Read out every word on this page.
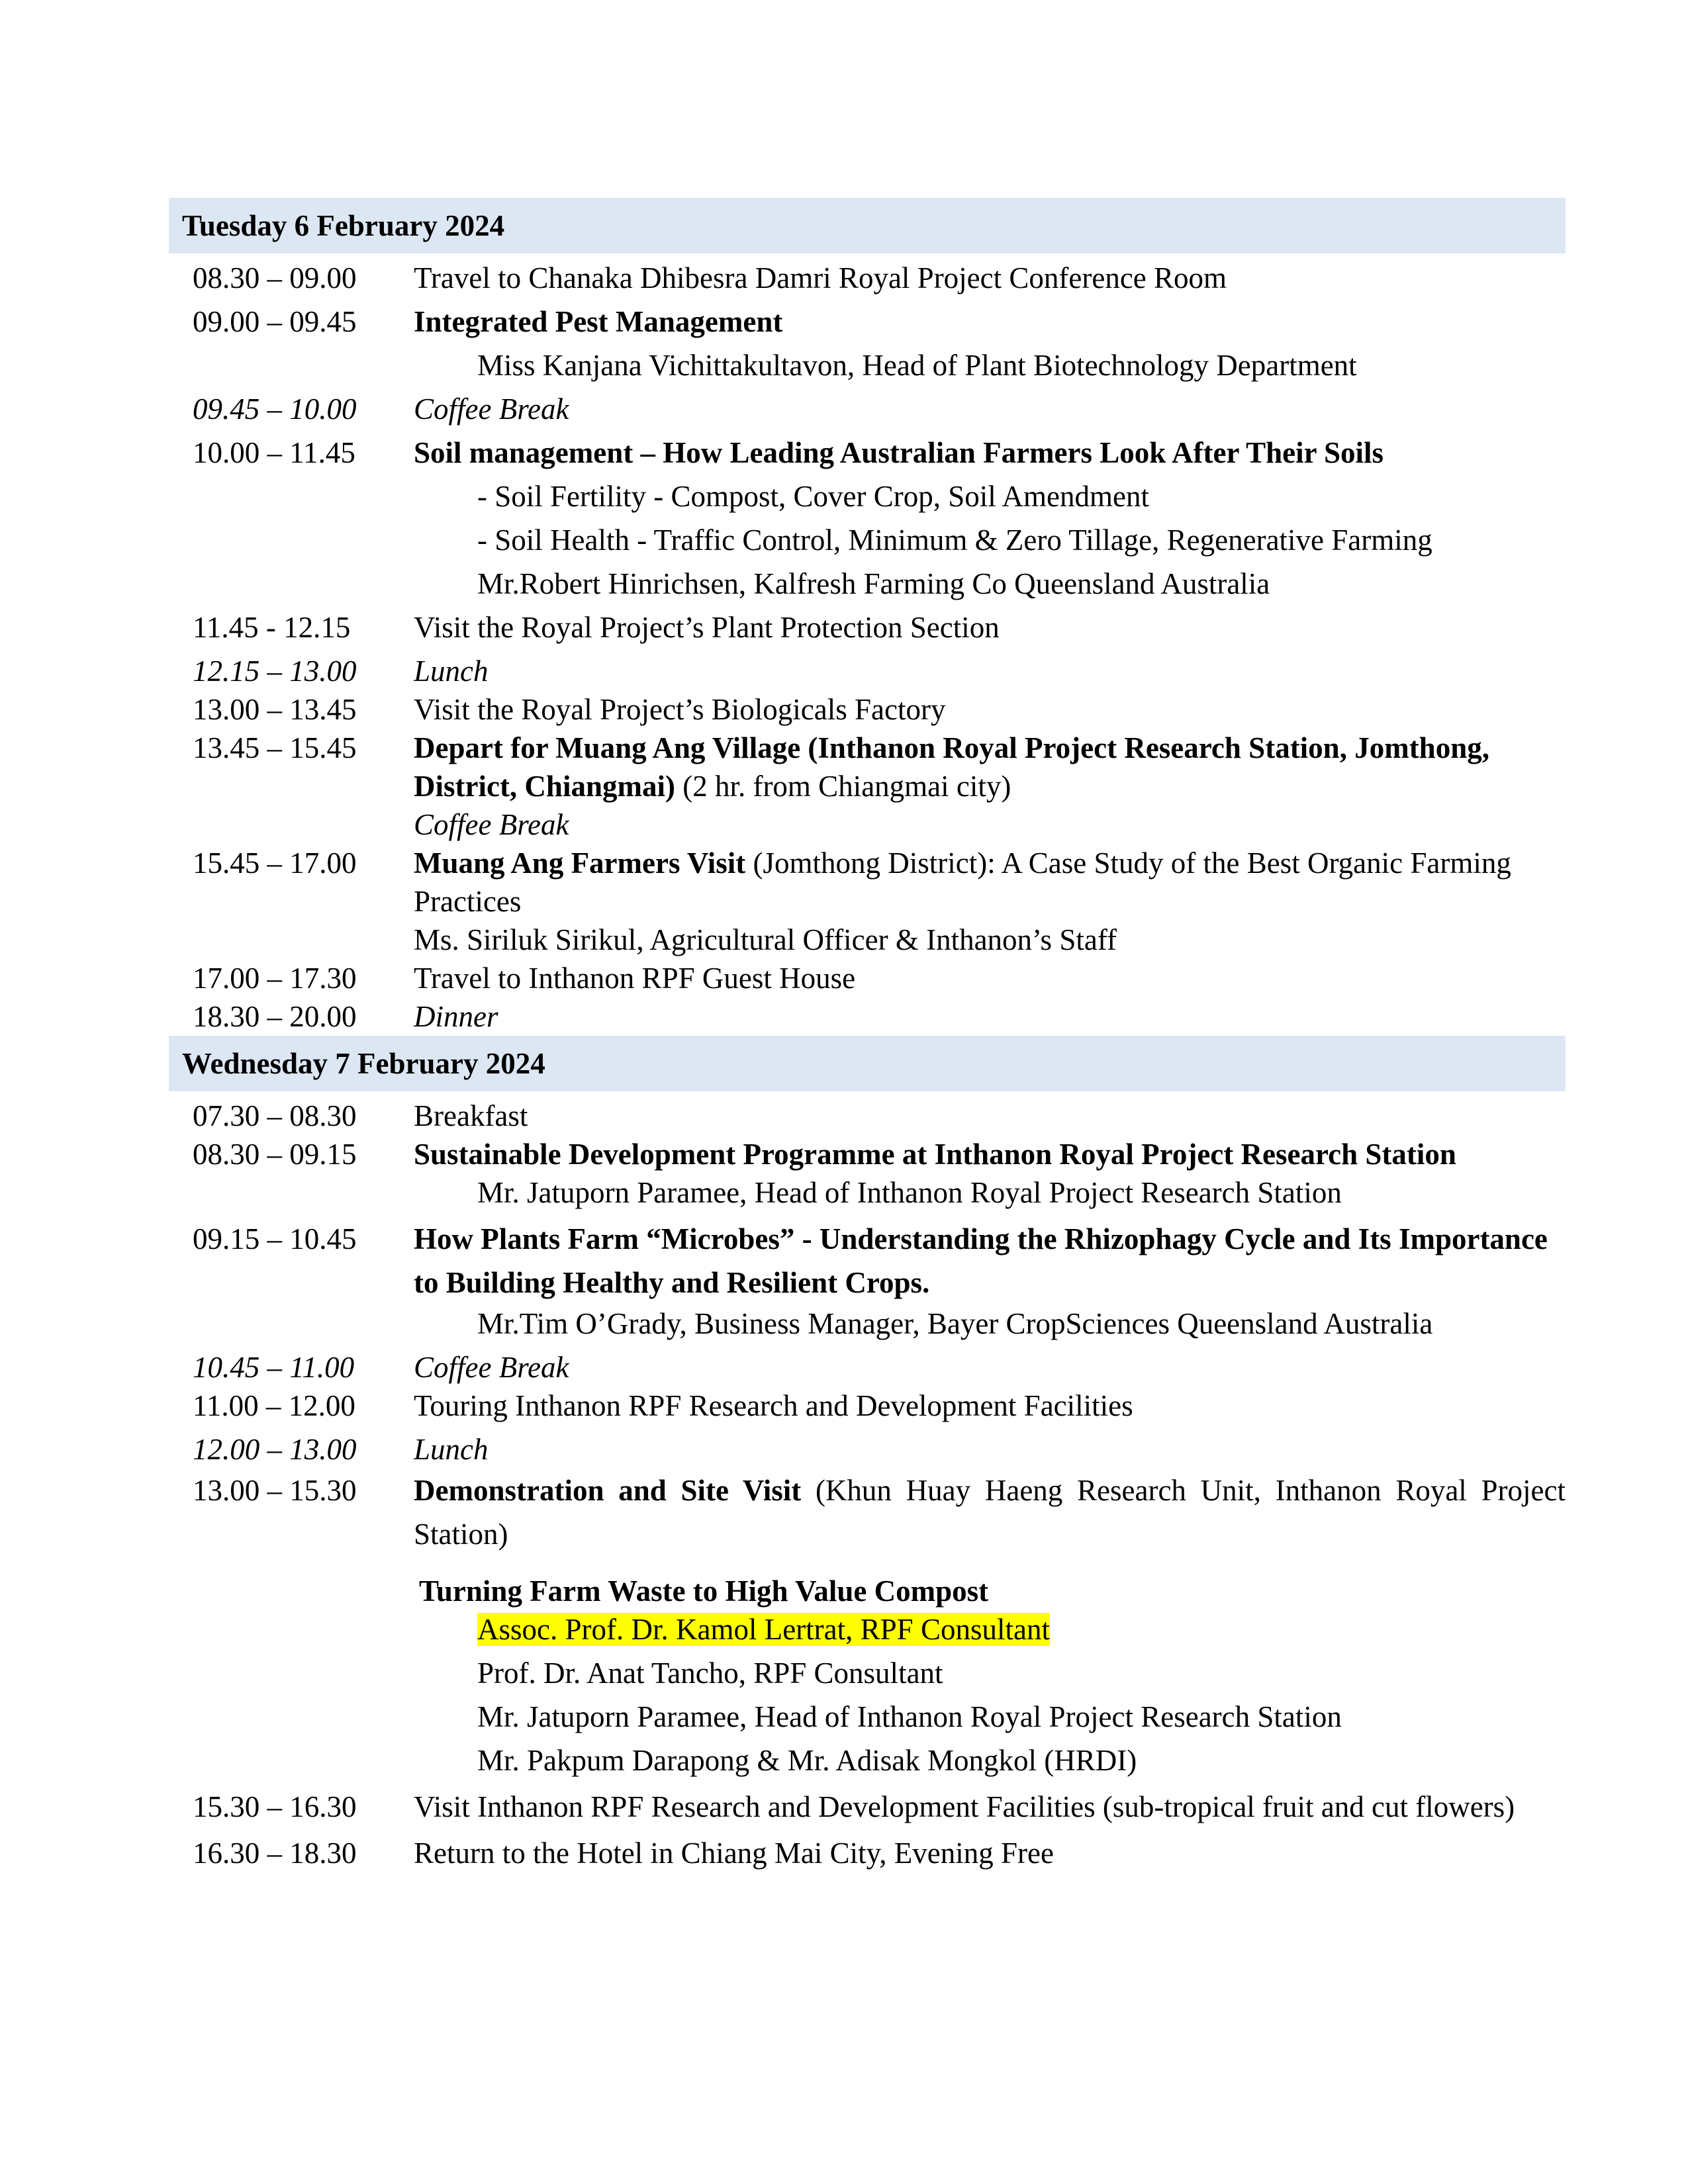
Tuesday 6 February 2024
08.30 – 09.00	Travel to Chanaka Dhibesra Damri Royal Project Conference Room
09.00 – 09.45	Integrated Pest Management
Miss Kanjana Vichittakultavon, Head of Plant Biotechnology Department
09.45 – 10.00	Coffee Break
10.00 – 11.45	Soil management – How Leading Australian Farmers Look After Their Soils
- Soil Fertility - Compost, Cover Crop, Soil Amendment
- Soil Health - Traffic Control, Minimum & Zero Tillage, Regenerative Farming
Mr.Robert Hinrichsen, Kalfresh Farming Co Queensland Australia
11.45 - 12.15	Visit the Royal Project’s Plant Protection Section
12.15 – 13.00	Lunch
13.00 – 13.45	Visit the Royal Project’s Biologicals Factory
13.45 – 15.45	Depart for Muang Ang Village (Inthanon Royal Project Research Station, Jomthong, District, Chiangmai) (2 hr. from Chiangmai city)
Coffee Break
15.45 – 17.00	Muang Ang Farmers Visit (Jomthong District): A Case Study of the Best Organic Farming Practices
Ms. Siriluk Sirikul, Agricultural Officer & Inthanon’s Staff
17.00 – 17.30	Travel to Inthanon RPF Guest House
18.30 – 20.00	Dinner
Wednesday 7 February 2024
07.30 – 08.30	Breakfast
08.30 – 09.15	Sustainable Development Programme at Inthanon Royal Project Research Station
Mr. Jatuporn Paramee, Head of Inthanon Royal Project Research Station
09.15 – 10.45	How Plants Farm “Microbes” - Understanding the Rhizophagy Cycle and Its Importance to Building Healthy and Resilient Crops.
Mr.Tim O’Grady, Business Manager, Bayer CropSciences Queensland Australia
10.45 – 11.00	Coffee Break
11.00 – 12.00	Touring Inthanon RPF Research and Development Facilities
12.00 – 13.00	Lunch
13.00 – 15.30	Demonstration and Site Visit (Khun Huay Haeng Research Unit, Inthanon Royal Project Station)
Turning Farm Waste to High Value Compost
Assoc. Prof. Dr. Kamol Lertrat, RPF Consultant
Prof. Dr. Anat Tancho, RPF Consultant
Mr. Jatuporn Paramee, Head of Inthanon Royal Project Research Station
Mr. Pakpum Darapong & Mr. Adisak Mongkol (HRDI)
15.30 – 16.30	Visit Inthanon RPF Research and Development Facilities (sub-tropical fruit and cut flowers)
16.30 – 18.30	Return to the Hotel in Chiang Mai City, Evening Free
